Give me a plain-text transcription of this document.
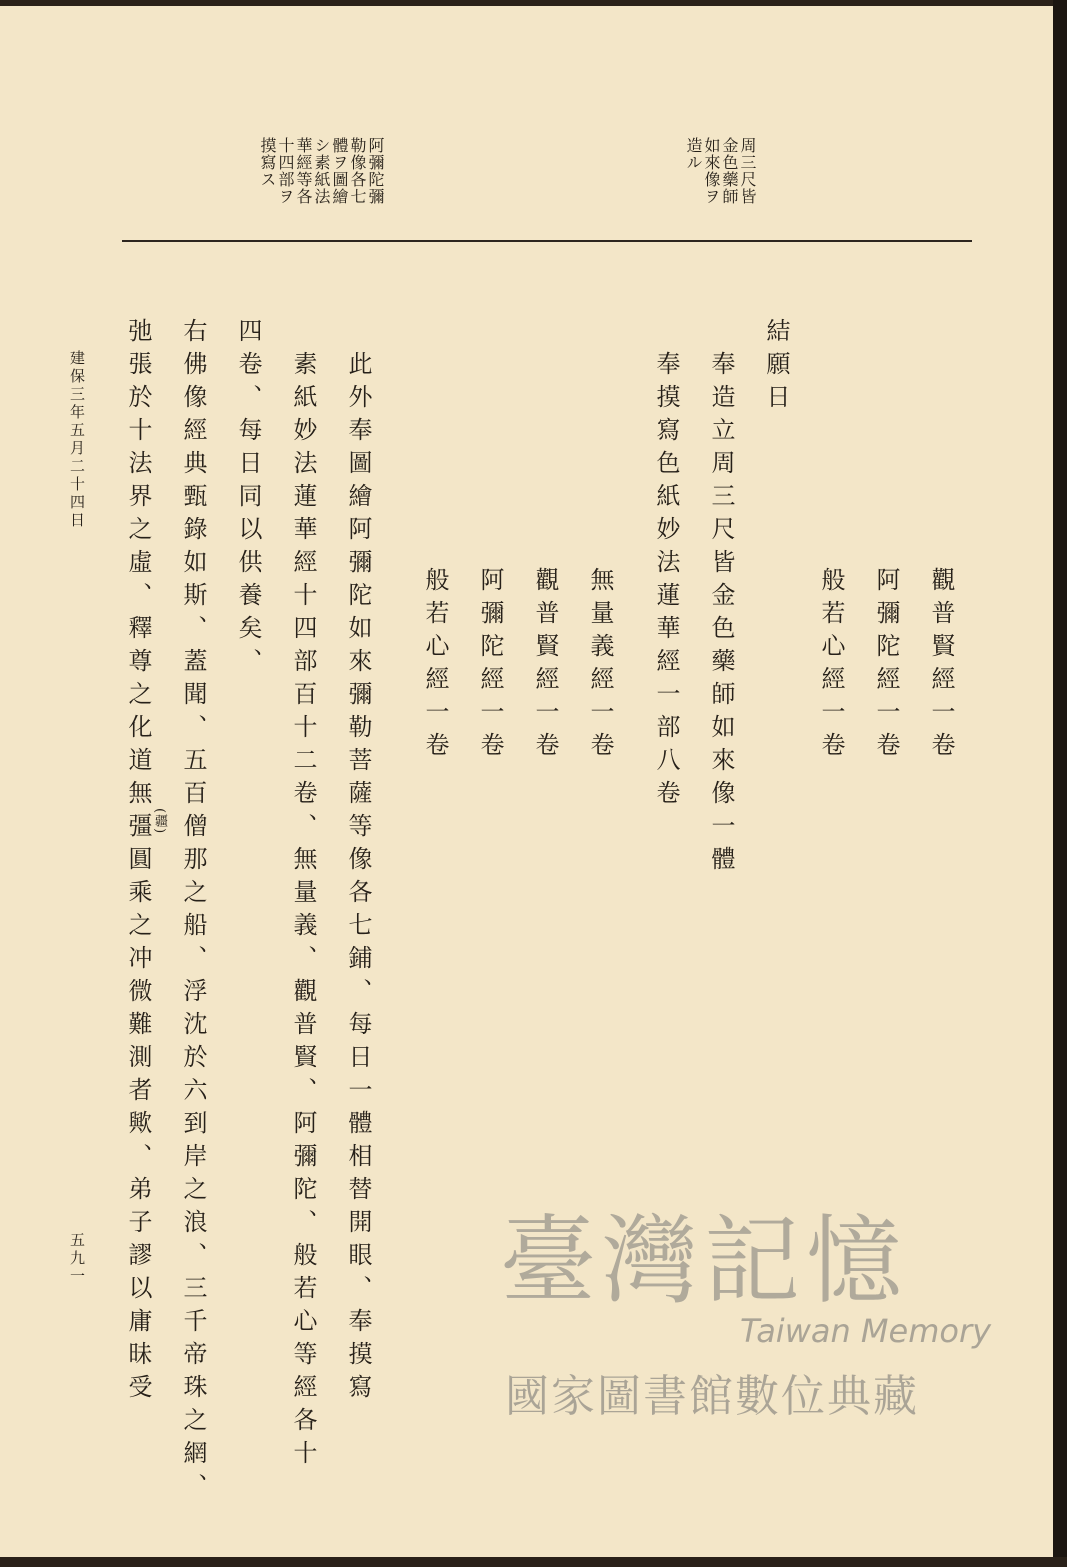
周三尺皆
金色藥師
如來像ヲ
造ル
阿彌陀彌
勒像各七
體ヲ圖繪
シ素紙法
華經等各
十四部ヲ
摸寫ス
觀普賢經一卷
阿彌陀經一卷
般若心經一卷
結願日
奉造立周三尺皆金色藥師如來像一體
奉摸寫色紙妙法蓮華經一部八卷
無量義經一卷
觀普賢經一卷
阿彌陀經一卷
般若心經一卷
此外奉圖繪阿彌陀如來彌勒菩薩等像各七鋪、每日一體相替開眼、奉摸寫
素紙妙法蓮華經十四部百十二卷、無量義、觀普賢、阿彌陀、般若心等經各十
四卷、每日同以供養矣、
右佛像經典甄錄如斯、蓋聞、五百僧那之船、浮沈於六到岸之浪、三千帝珠之網、
弛張於十法界之虛、釋尊之化道無彊圓乘之冲微難測者歟、弟子謬以庸昧受 (疆)
建保三年五月二十四日
五九一	臺灣記憶
Taiwan Memory
國家圖書館數位典藏
